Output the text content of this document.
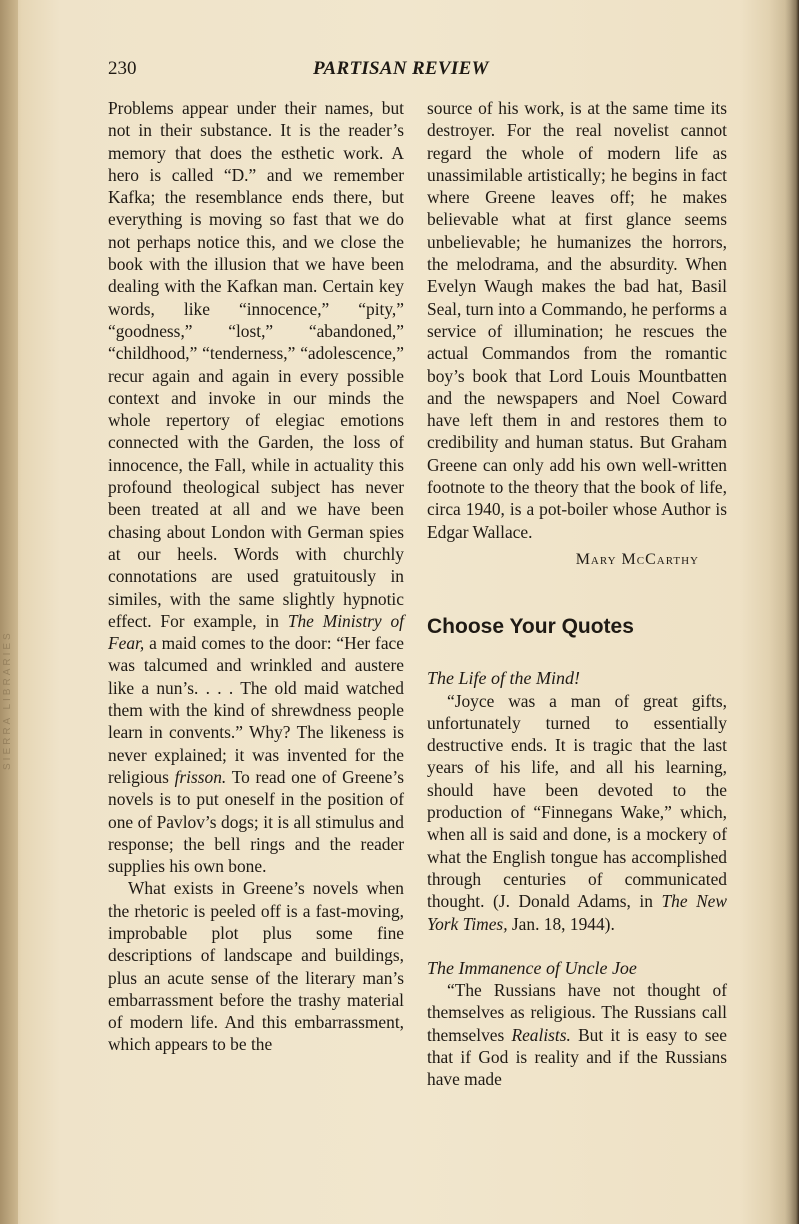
SIERRA LIBRARIES
230	PARTISAN REVIEW

Problems appear under their names, but not in their substance. It is the reader’s memory that does the esthetic work. A hero is called “D.” and we remember Kafka; the resemblance ends there, but everything is moving so fast that we do not perhaps notice this, and we close the book with the illusion that we have been dealing with the Kafkan man. Certain key words, like “innocence,” “pity,” “goodness,” “lost,” “abandoned,” “childhood,” “tenderness,” “adolescence,” recur again and again in every possible context and invoke in our minds the whole repertory of elegiac emotions connected with the Garden, the loss of innocence, the Fall, while in actuality this profound theological subject has never been treated at all and we have been chasing about London with German spies at our heels. Words with churchly connotations are used gratuitously in similes, with the same slightly hypnotic effect. For example, in The Ministry of Fear, a maid comes to the door: “Her face was talcumed and wrinkled and austere like a nun’s. . . . The old maid watched them with the kind of shrewdness people learn in convents.” Why? The likeness is never explained; it was invented for the religious frisson. To read one of Greene’s novels is to put oneself in the position of one of Pavlov’s dogs; it is all stimulus and response; the bell rings and the reader supplies his own bone.

What exists in Greene’s novels when the rhetoric is peeled off is a fast-moving, improbable plot plus some fine descriptions of landscape and buildings, plus an acute sense of the literary man’s embarrassment before the trashy material of modern life. And this embarrassment, which appears to be the

source of his work, is at the same time its destroyer. For the real novelist cannot regard the whole of modern life as unassimilable artistically; he begins in fact where Greene leaves off; he makes believable what at first glance seems unbelievable; he humanizes the horrors, the melodrama, and the absurdity. When Evelyn Waugh makes the bad hat, Basil Seal, turn into a Commando, he performs a service of illumination; he rescues the actual Commandos from the romantic boy’s book that Lord Louis Mountbatten and the newspapers and Noel Coward have left them in and restores them to credibility and human status. But Graham Greene can only add his own well-written footnote to the theory that the book of life, circa 1940, is a pot-boiler whose Author is Edgar Wallace.

Mary McCarthy

Choose Your Quotes

The Life of the Mind!

“Joyce was a man of great gifts, unfortunately turned to essentially destructive ends. It is tragic that the last years of his life, and all his learning, should have been devoted to the production of “Finnegans Wake,” which, when all is said and done, is a mockery of what the English tongue has accomplished through centuries of communicated thought. (J. Donald Adams, in The New York Times, Jan. 18, 1944).

The Immanence of Uncle Joe

“The Russians have not thought of themselves as religious. The Russians call themselves Realists. But it is easy to see that if God is reality and if the Russians have made
